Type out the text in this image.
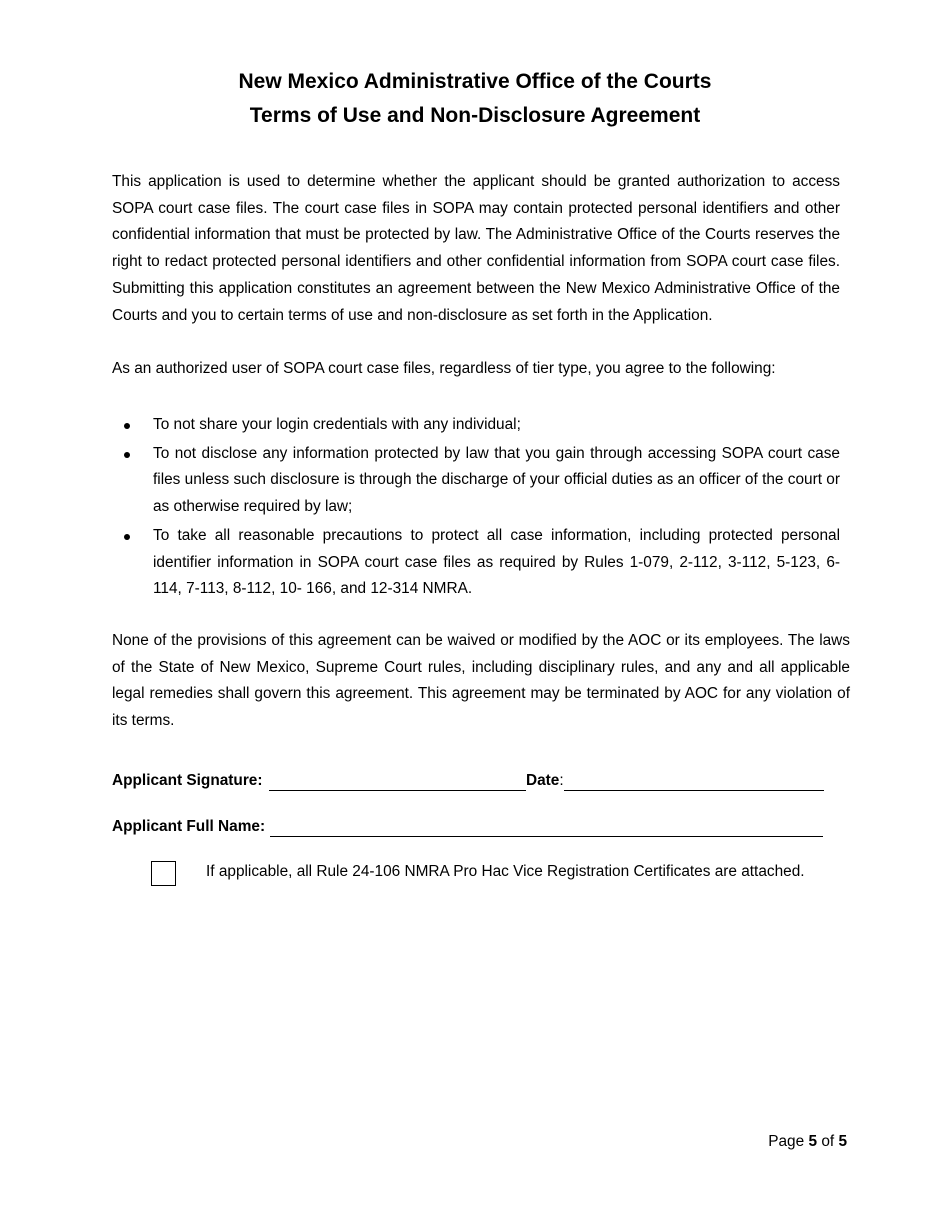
New Mexico Administrative Office of the Courts
Terms of Use and Non-Disclosure Agreement
This application is used to determine whether the applicant should be granted authorization to access SOPA court case files. The court case files in SOPA may contain protected personal identifiers and other confidential information that must be protected by law. The Administrative Office of the Courts reserves the right to redact protected personal identifiers and other confidential information from SOPA court case files. Submitting this application constitutes an agreement between the New Mexico Administrative Office of the Courts and you to certain terms of use and non-disclosure as set forth in the Application.
As an authorized user of SOPA court case files, regardless of tier type, you agree to the following:
To not share your login credentials with any individual;
To not disclose any information protected by law that you gain through accessing SOPA court case files unless such disclosure is through the discharge of your official duties as an officer of the court or as otherwise required by law;
To take all reasonable precautions to protect all case information, including protected personal identifier information in SOPA court case files as required by Rules 1-079, 2-112, 3-112, 5-123, 6-114, 7-113, 8-112, 10- 166, and 12-314 NMRA.
None of the provisions of this agreement can be waived or modified by the AOC or its employees. The laws of the State of New Mexico, Supreme Court rules, including disciplinary rules, and any and all applicable legal remedies shall govern this agreement. This agreement may be terminated by AOC for any violation of its terms.
Applicant Signature:	Date:
Applicant Full Name:
If applicable, all Rule 24-106 NMRA Pro Hac Vice Registration Certificates are attached.
Page 5 of 5
